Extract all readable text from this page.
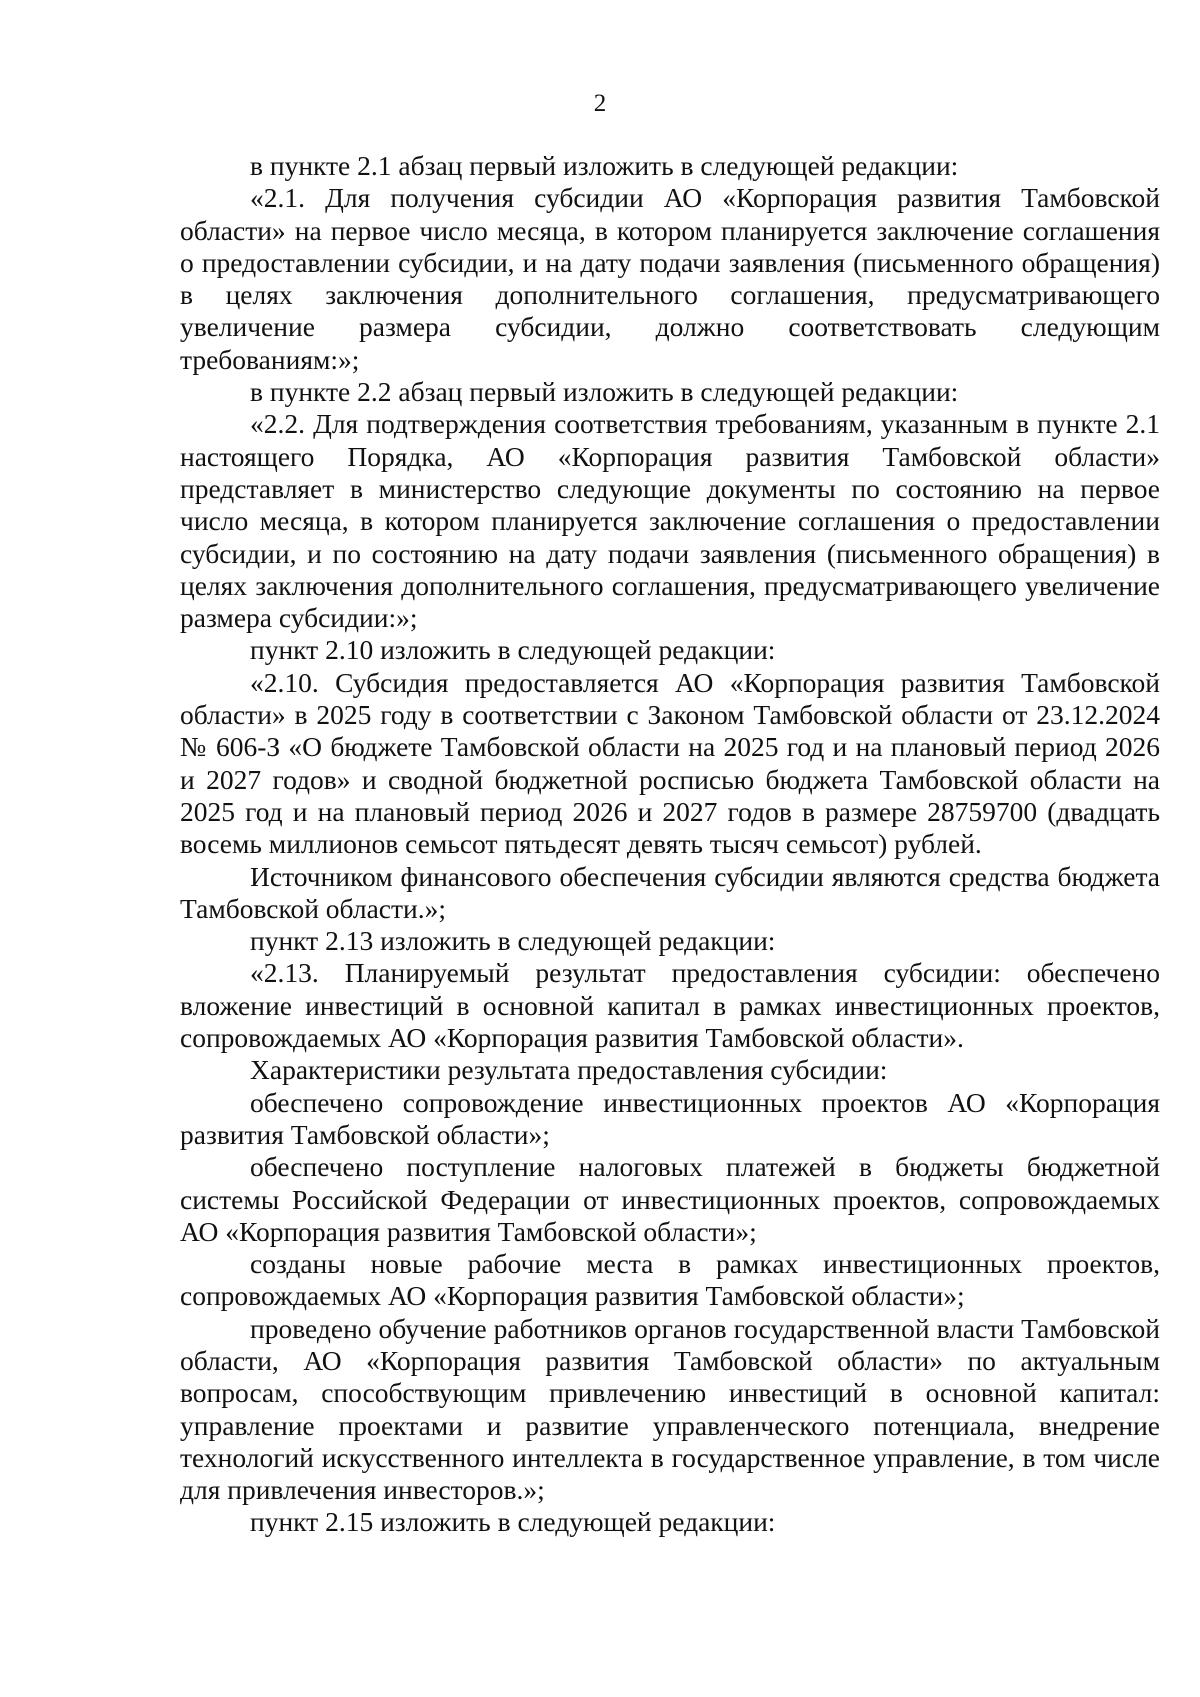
2

в пункте 2.1 абзац первый изложить в следующей редакции:

«2.1. Для получения субсидии АО «Корпорация развития Тамбовской области» на первое число месяца, в котором планируется заключение соглашения о предоставлении субсидии, и на дату подачи заявления (письменного обращения) в целях заключения дополнительного соглашения, предусматривающего увеличение размера субсидии, должно соответствовать следующим требованиям:»;

в пункте 2.2 абзац первый изложить в следующей редакции:

«2.2. Для подтверждения соответствия требованиям, указанным в пункте 2.1 настоящего Порядка, АО «Корпорация развития Тамбовской области» представляет в министерство следующие документы по состоянию на первое число месяца, в котором планируется заключение соглашения о предоставлении субсидии, и по состоянию на дату подачи заявления (письменного обращения) в целях заключения дополнительного соглашения, предусматривающего увеличение размера субсидии:»;

пункт 2.10 изложить в следующей редакции:

«2.10. Субсидия предоставляется АО «Корпорация развития Тамбовской области» в 2025 году в соответствии с Законом Тамбовской области от 23.12.2024 № 606-З «О бюджете Тамбовской области на 2025 год и на плановый период 2026 и 2027 годов» и сводной бюджетной росписью бюджета Тамбовской области на 2025 год и на плановый период 2026 и 2027 годов в размере 28759700 (двадцать восемь миллионов семьсот пятьдесят девять тысяч семьсот) рублей.

Источником финансового обеспечения субсидии являются средства бюджета Тамбовской области.»;

пункт 2.13 изложить в следующей редакции:

«2.13. Планируемый результат предоставления субсидии: обеспечено вложение инвестиций в основной капитал в рамках инвестиционных проектов, сопровождаемых АО «Корпорация развития Тамбовской области».

Характеристики результата предоставления субсидии:

обеспечено сопровождение инвестиционных проектов АО «Корпорация развития Тамбовской области»;

обеспечено поступление налоговых платежей в бюджеты бюджетной системы Российской Федерации от инвестиционных проектов, сопровождаемых АО «Корпорация развития Тамбовской области»;

созданы новые рабочие места в рамках инвестиционных проектов, сопровождаемых АО «Корпорация развития Тамбовской области»;

проведено обучение работников органов государственной власти Тамбовской области, АО «Корпорация развития Тамбовской области» по актуальным вопросам, способствующим привлечению инвестиций в основной капитал: управление проектами и развитие управленческого потенциала, внедрение технологий искусственного интеллекта в государственное управление, в том числе для привлечения инвесторов.»;

пункт 2.15 изложить в следующей редакции:
